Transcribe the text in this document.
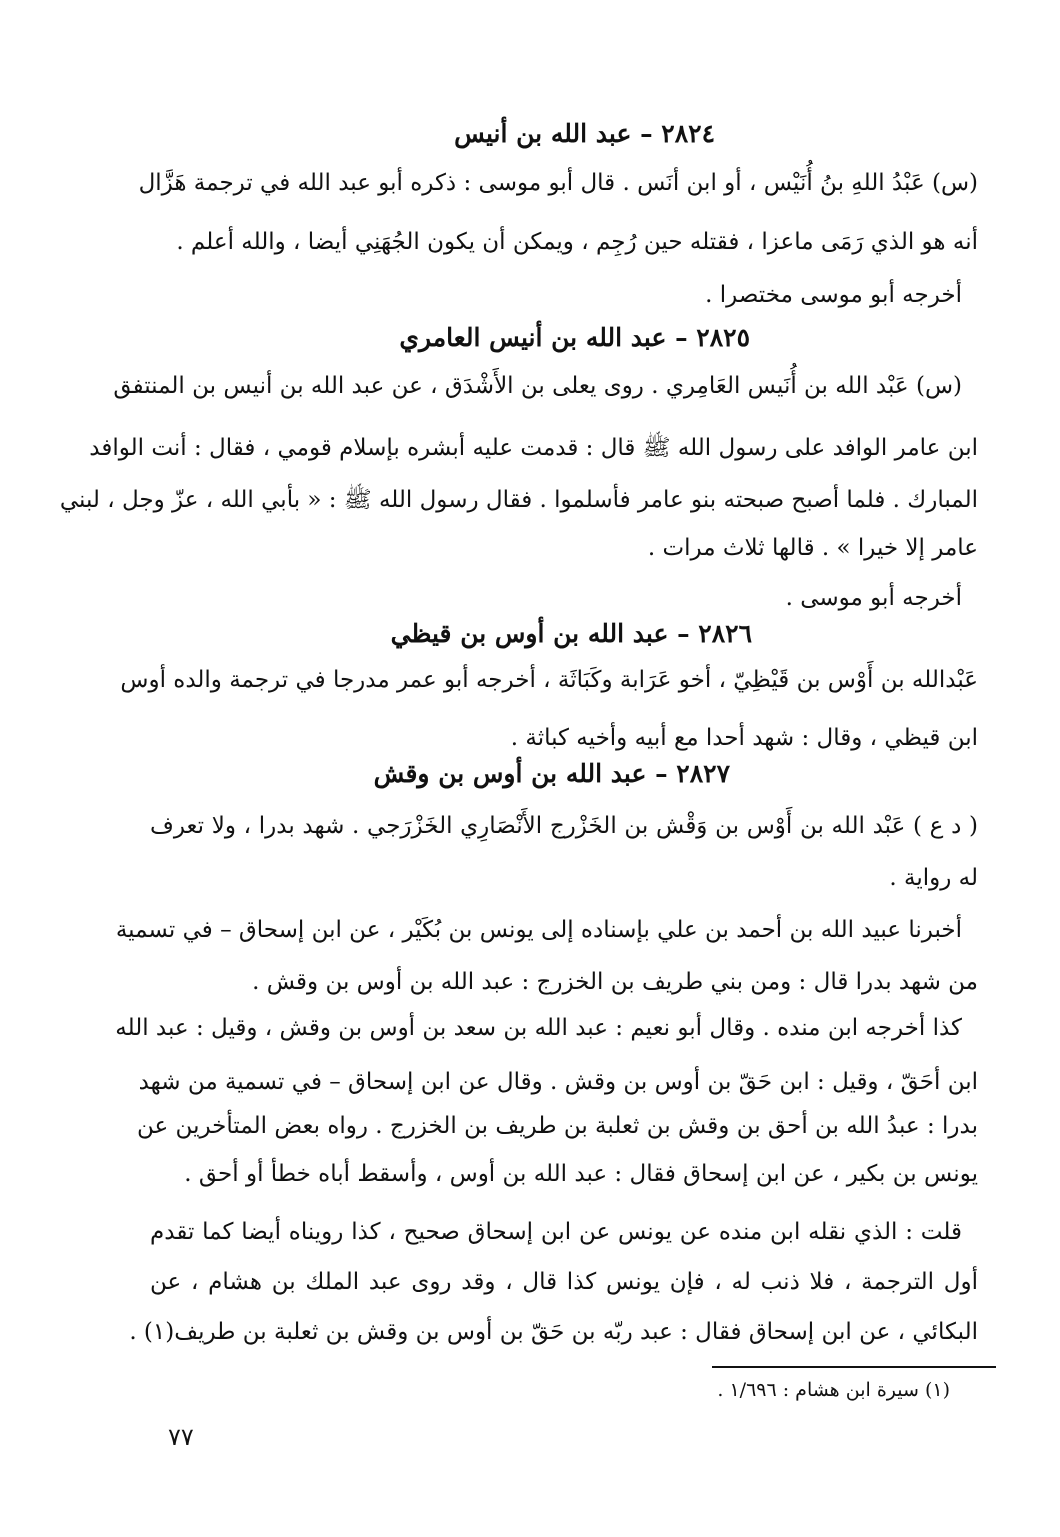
٢٨٢٤ – عبد الله بن أنيس
(س) عَبْدُ اللهِ بنُ أُنَيْس ، أو ابن أنَس . قال أبو موسى : ذكره أبو عبد الله في ترجمة هَزَّال
أنه هو الذي رَمَى ماعزا ، فقتله حين رُجِم ، ويمكن أن يكون الجُهَنِي أيضا ، والله أعلم .
أخرجه أبو موسى مختصرا .
٢٨٢٥ – عبد الله بن أنيس العامري
(س) عَبْد الله بن أُنَيس العَامِري . روى يعلى بن الأَشْدَق ، عن عبد الله بن أنيس بن المنتفق
ابن عامر الوافد على رسول الله ﷺ قال : قدمت عليه أبشره بإسلام قومي ، فقال : أنت الوافد
المبارك . فلما أصبح صبحته بنو عامر فأسلموا . فقال رسول الله ﷺ : « بأبي الله ، عزّ وجل ، لبني
عامر إلا خيرا » . قالها ثلاث مرات .
أخرجه أبو موسى .
٢٨٢٦ – عبد الله بن أوس بن قيظي
عَبْدالله بن أَوْس بن قَيْظِيّ ، أخو عَرَابة وكَبَاثَة ، أخرجه أبو عمر مدرجا في ترجمة والده أوس
ابن قيظي ، وقال : شهد أحدا مع أبيه وأخيه كباثة .
٢٨٢٧ – عبد الله بن أوس بن وقش
( د ع ) عَبْد الله بن أَوْس بن وَقْش بن الخَزْرج الأَنْصَارِي الخَزْرَجي . شهد بدرا ، ولا تعرف
له رواية .
أخبرنا عبيد الله بن أحمد بن علي بإسناده إلى يونس بن بُكَيْر ، عن ابن إسحاق – في تسمية
من شهد بدرا قال : ومن بني طريف بن الخزرج : عبد الله بن أوس بن وقش .
كذا أخرجه ابن منده . وقال أبو نعيم : عبد الله بن سعد بن أوس بن وقش ، وقيل : عبد الله
ابن أحَقّ ، وقيل : ابن حَقّ بن أوس بن وقش . وقال عن ابن إسحاق – في تسمية من شهد
بدرا : عبدُ الله بن أحق بن وقش بن ثعلبة بن طريف بن الخزرج . رواه بعض المتأخرين عن
يونس بن بكير ، عن ابن إسحاق فقال : عبد الله بن أوس ، وأسقط أباه خطأ أو أحق .
قلت : الذي نقله ابن منده عن يونس عن ابن إسحاق صحيح ، كذا رويناه أيضا كما تقدم
أول الترجمة ، فلا ذنب له ، فإن يونس كذا قال ، وقد روى عبد الملك بن هشام ، عن
البكائي ، عن ابن إسحاق فقال : عبد ربّه بن حَقّ بن أوس بن وقش بن ثعلبة بن طريف(١) .
(١) سيرة ابن هشام : ١/٦٩٦ .
٧٧
